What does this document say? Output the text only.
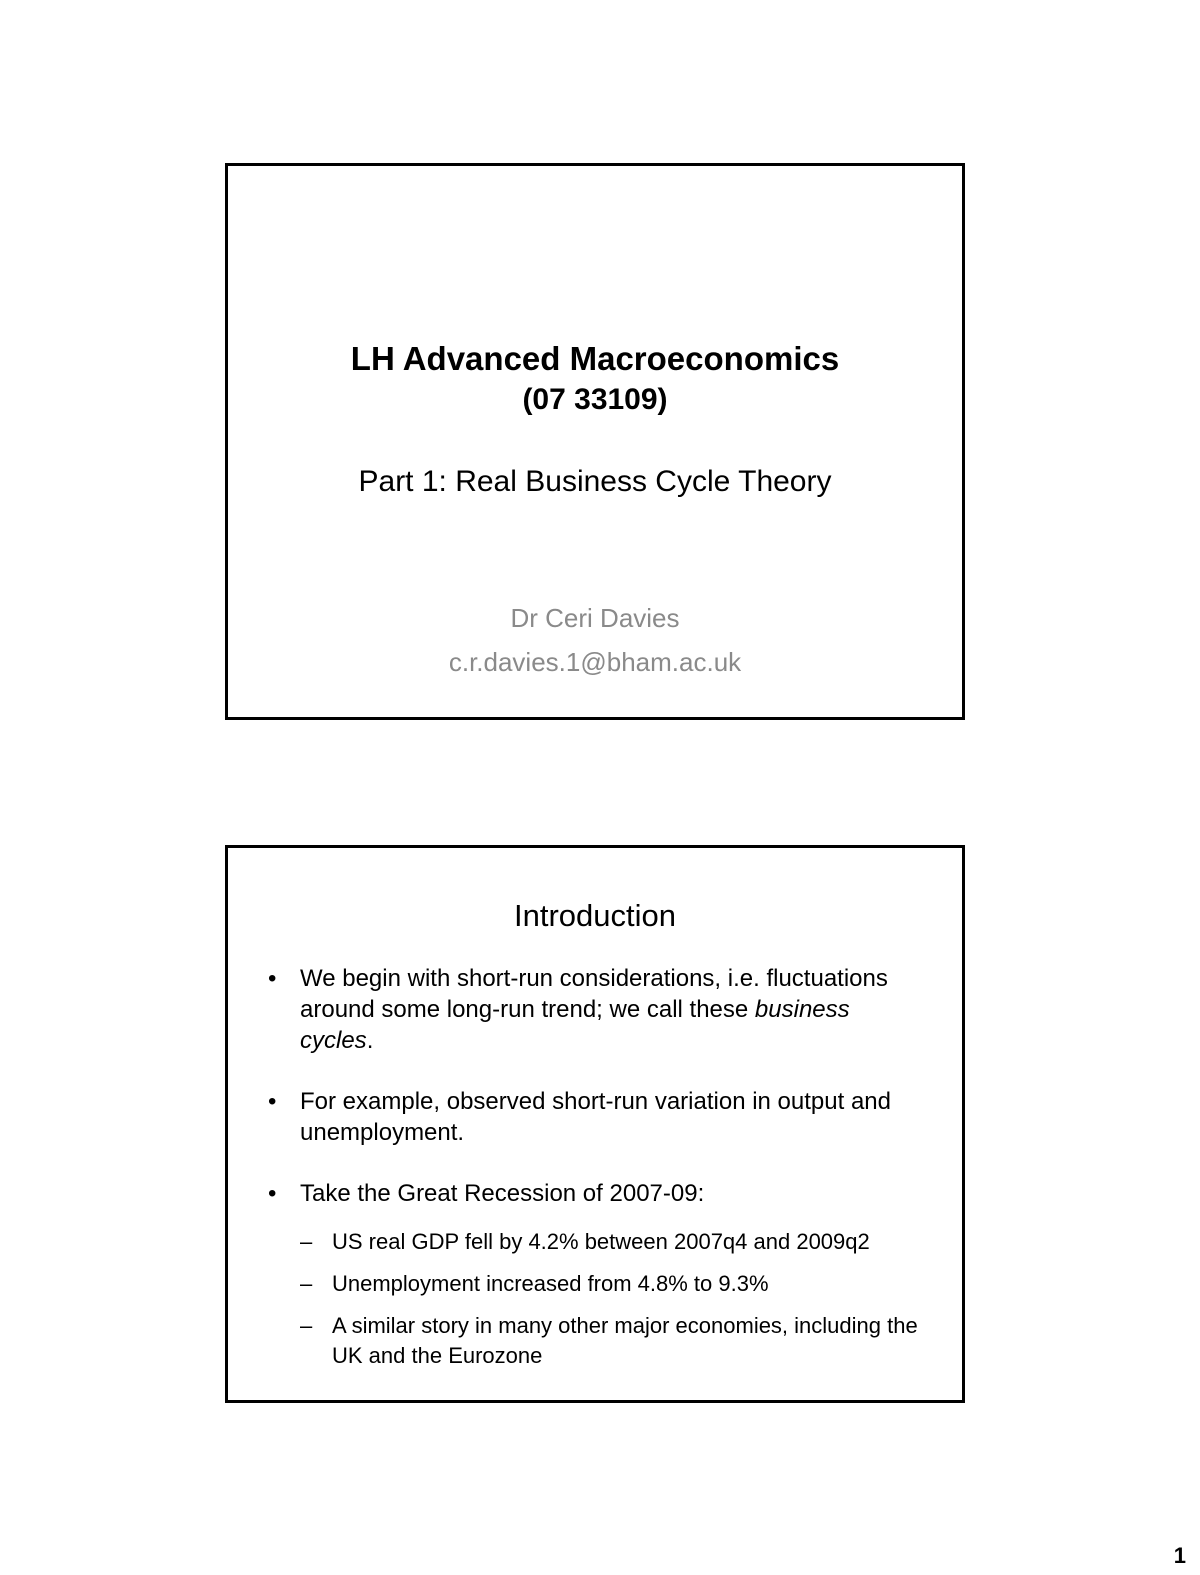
LH Advanced Macroeconomics
(07 33109)
Part 1: Real Business Cycle Theory
Dr Ceri Davies
c.r.davies.1@bham.ac.uk
Introduction
• We begin with short-run considerations, i.e. fluctuations around some long-run trend; we call these business cycles.
• For example, observed short-run variation in output and unemployment.
• Take the Great Recession of 2007-09:
– US real GDP fell by 4.2% between 2007q4 and 2009q2
– Unemployment increased from 4.8% to 9.3%
– A similar story in many other major economies, including the UK and the Eurozone
1
